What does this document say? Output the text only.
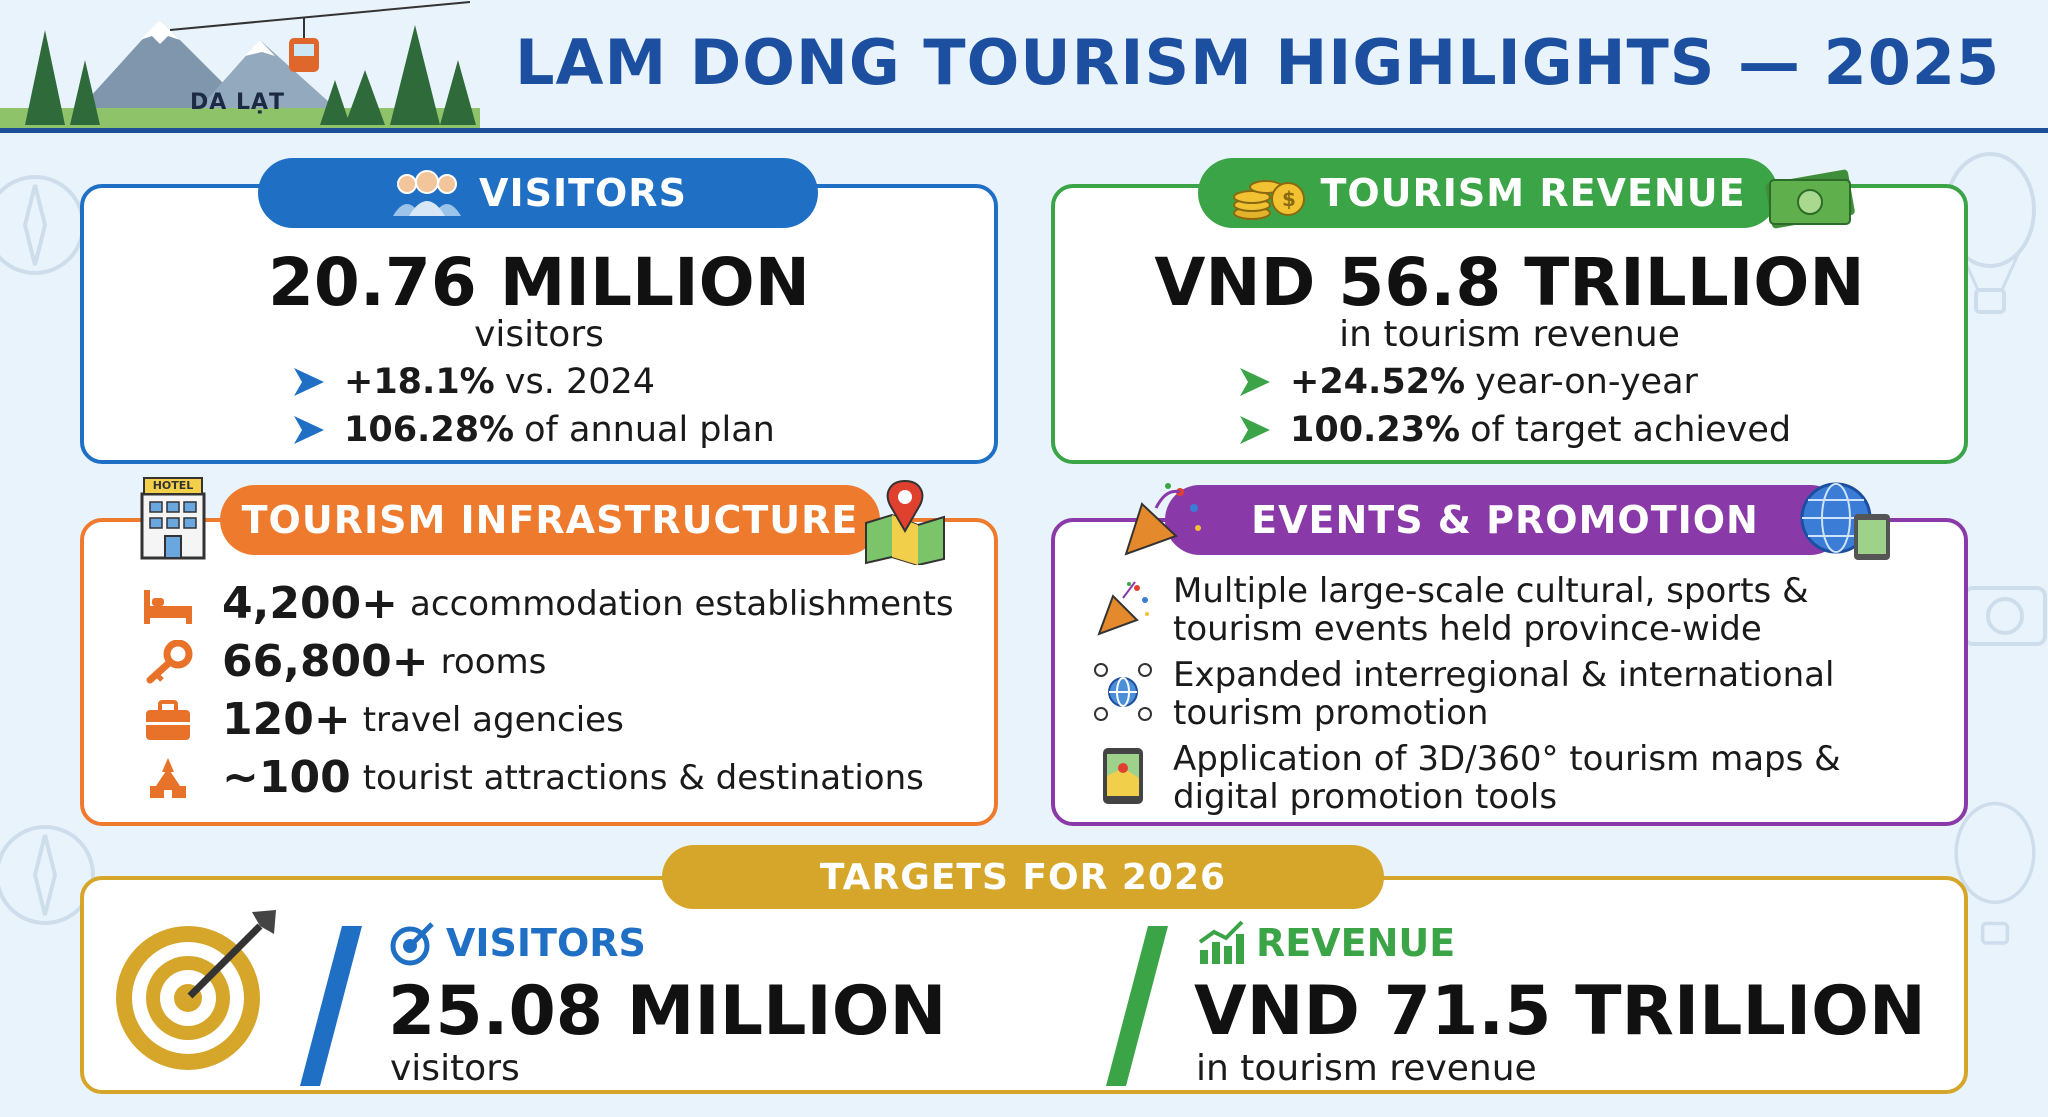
DA LẠT
LAM DONG TOURISM HIGHLIGHTS — 2025
20.76 MILLION
visitors
+18.1% vs. 2024
106.28% of annual plan
VISITORS
VND 56.8 TRILLION
in tourism revenue
+24.52% year-on-year
100.23% of target achieved
$ TOURISM REVENUE
4,200+ accommodation establishments
66,800+ rooms
120+ travel agencies
~100 tourist attractions & destinations
TOURISM INFRASTRUCTURE
HOTEL
Multiple large-scale cultural, sports & tourism events held province-wide
Expanded interregional & international tourism promotion
Application of 3D/360° tourism maps & digital promotion tools
EVENTS & PROMOTION
VISITORS
25.08 MILLION
visitors
REVENUE
VND 71.5 TRILLION
in tourism revenue
TARGETS FOR 2026
